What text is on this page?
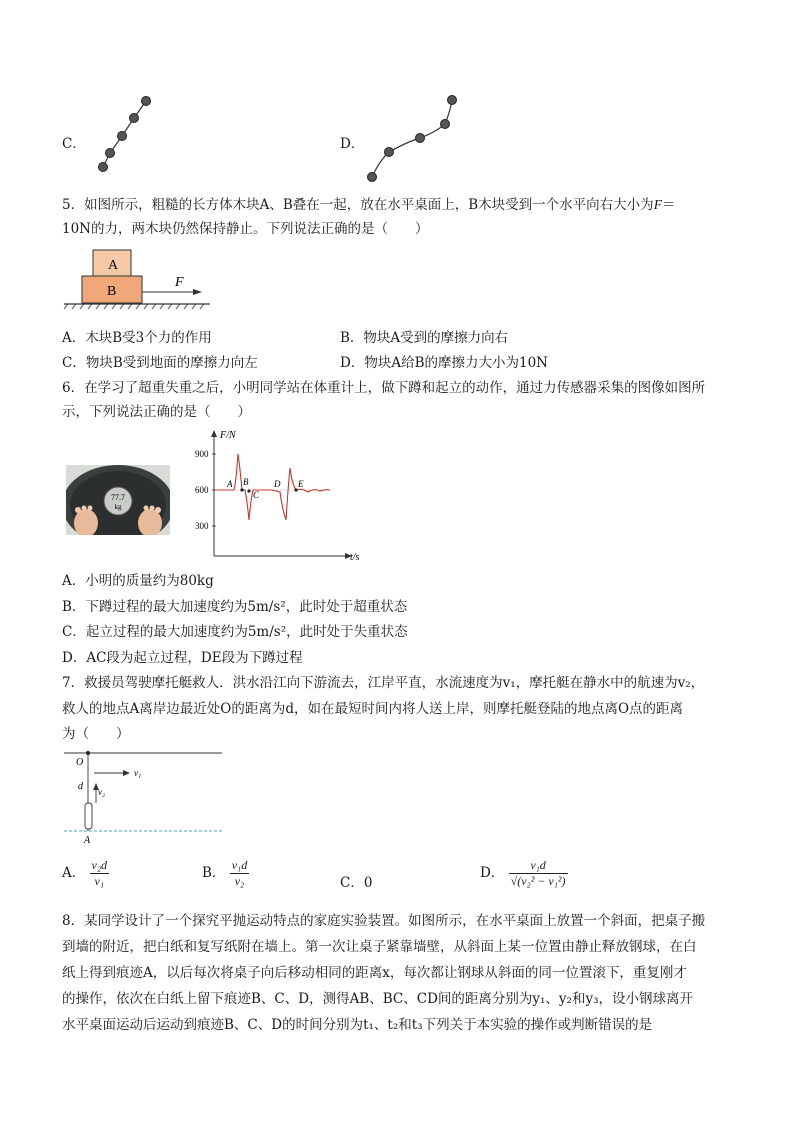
C．	D．
5．如图所示，粗糙的长方体木块A、B叠在一起，放在水平桌面上，B木块受到一个水平向右大小为F＝
10N的力，两木块仍然保持静止。下列说法正确的是（　　）
A
B
F
A．木块B受3个力的作用	B．物块A受到的摩擦力向右
C．物块B受到地面的摩擦力向左	D．物块A给B的摩擦力大小为10N
6．在学习了超重失重之后，小明同学站在体重计上，做下蹲和起立的动作，通过力传感器采集的图像如图所
示，下列说法正确的是（　　）
77.7
kg
F/N
t/s
900
600
300
A B
C
D E
A．小明的质量约为80kg
B．下蹲过程的最大加速度约为5m/s²，此时处于超重状态
C．起立过程的最大加速度约为5m/s²，此时处于失重状态
D．AC段为起立过程，DE段为下蹲过程
7．救援员驾驶摩托艇救人．洪水沿江向下游流去，江岸平直，水流速度为v₁，摩托艇在静水中的航速为v₂，
救人的地点A离岸边最近处O的距离为d，如在最短时间内将人送上岸，则摩托艇登陆的地点离O点的距离
为（　　）
O
d
A
v₁
v₂
A． $\frac{\text{v₂d}}{\text{v₁}}$	B． $\frac{\text{v₁d}}{\text{v₂}}$	C．0
D． $\frac{\text{v₁d}}{\text{√(v₂² − v₁²)}}$
8．某同学设计了一个探究平抛运动特点的家庭实验装置。如图所示，在水平桌面上放置一个斜面，把桌子搬
到墙的附近，把白纸和复写纸附在墙上。第一次让桌子紧靠墙壁，从斜面上某一位置由静止释放钢球，在白
纸上得到痕迹A，以后每次将桌子向后移动相同的距离x，每次都让钢球从斜面的同一位置滚下，重复刚才
的操作，依次在白纸上留下痕迹B、C、D，测得AB、BC、CD间的距离分别为y₁、y₂和y₃，设小钢球离开
水平桌面运动后运动到痕迹B、C、D的时间分别为t₁、t₂和t₃下列关于本实验的操作或判断错误的是
